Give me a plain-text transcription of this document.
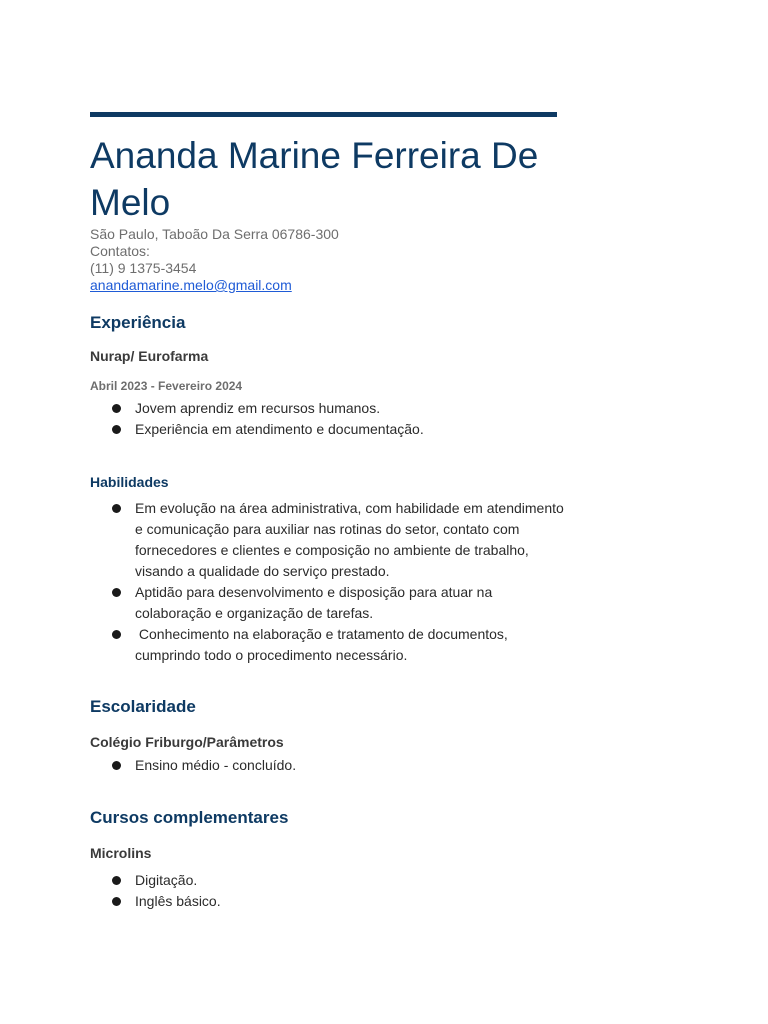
Ananda Marine Ferreira De Melo
São Paulo, Taboão Da Serra 06786-300
Contatos:
(11) 9 1375-3454
anandamarine.melo@gmail.com
Experiência
Nurap/ Eurofarma
Abril 2023 - Fevereiro 2024
Jovem aprendiz em recursos humanos.
Experiência em atendimento e documentação.
Habilidades
Em evolução na área administrativa, com habilidade em atendimento e comunicação para auxiliar nas rotinas do setor, contato com fornecedores e clientes e composição no ambiente de trabalho, visando a qualidade do serviço prestado.
Aptidão para desenvolvimento e disposição para atuar na colaboração e organização de tarefas.
Conhecimento na elaboração e tratamento de documentos, cumprindo todo o procedimento necessário.
Escolaridade
Colégio Friburgo/Parâmetros
Ensino médio - concluído.
Cursos complementares
Microlins
Digitação.
Inglês básico.
